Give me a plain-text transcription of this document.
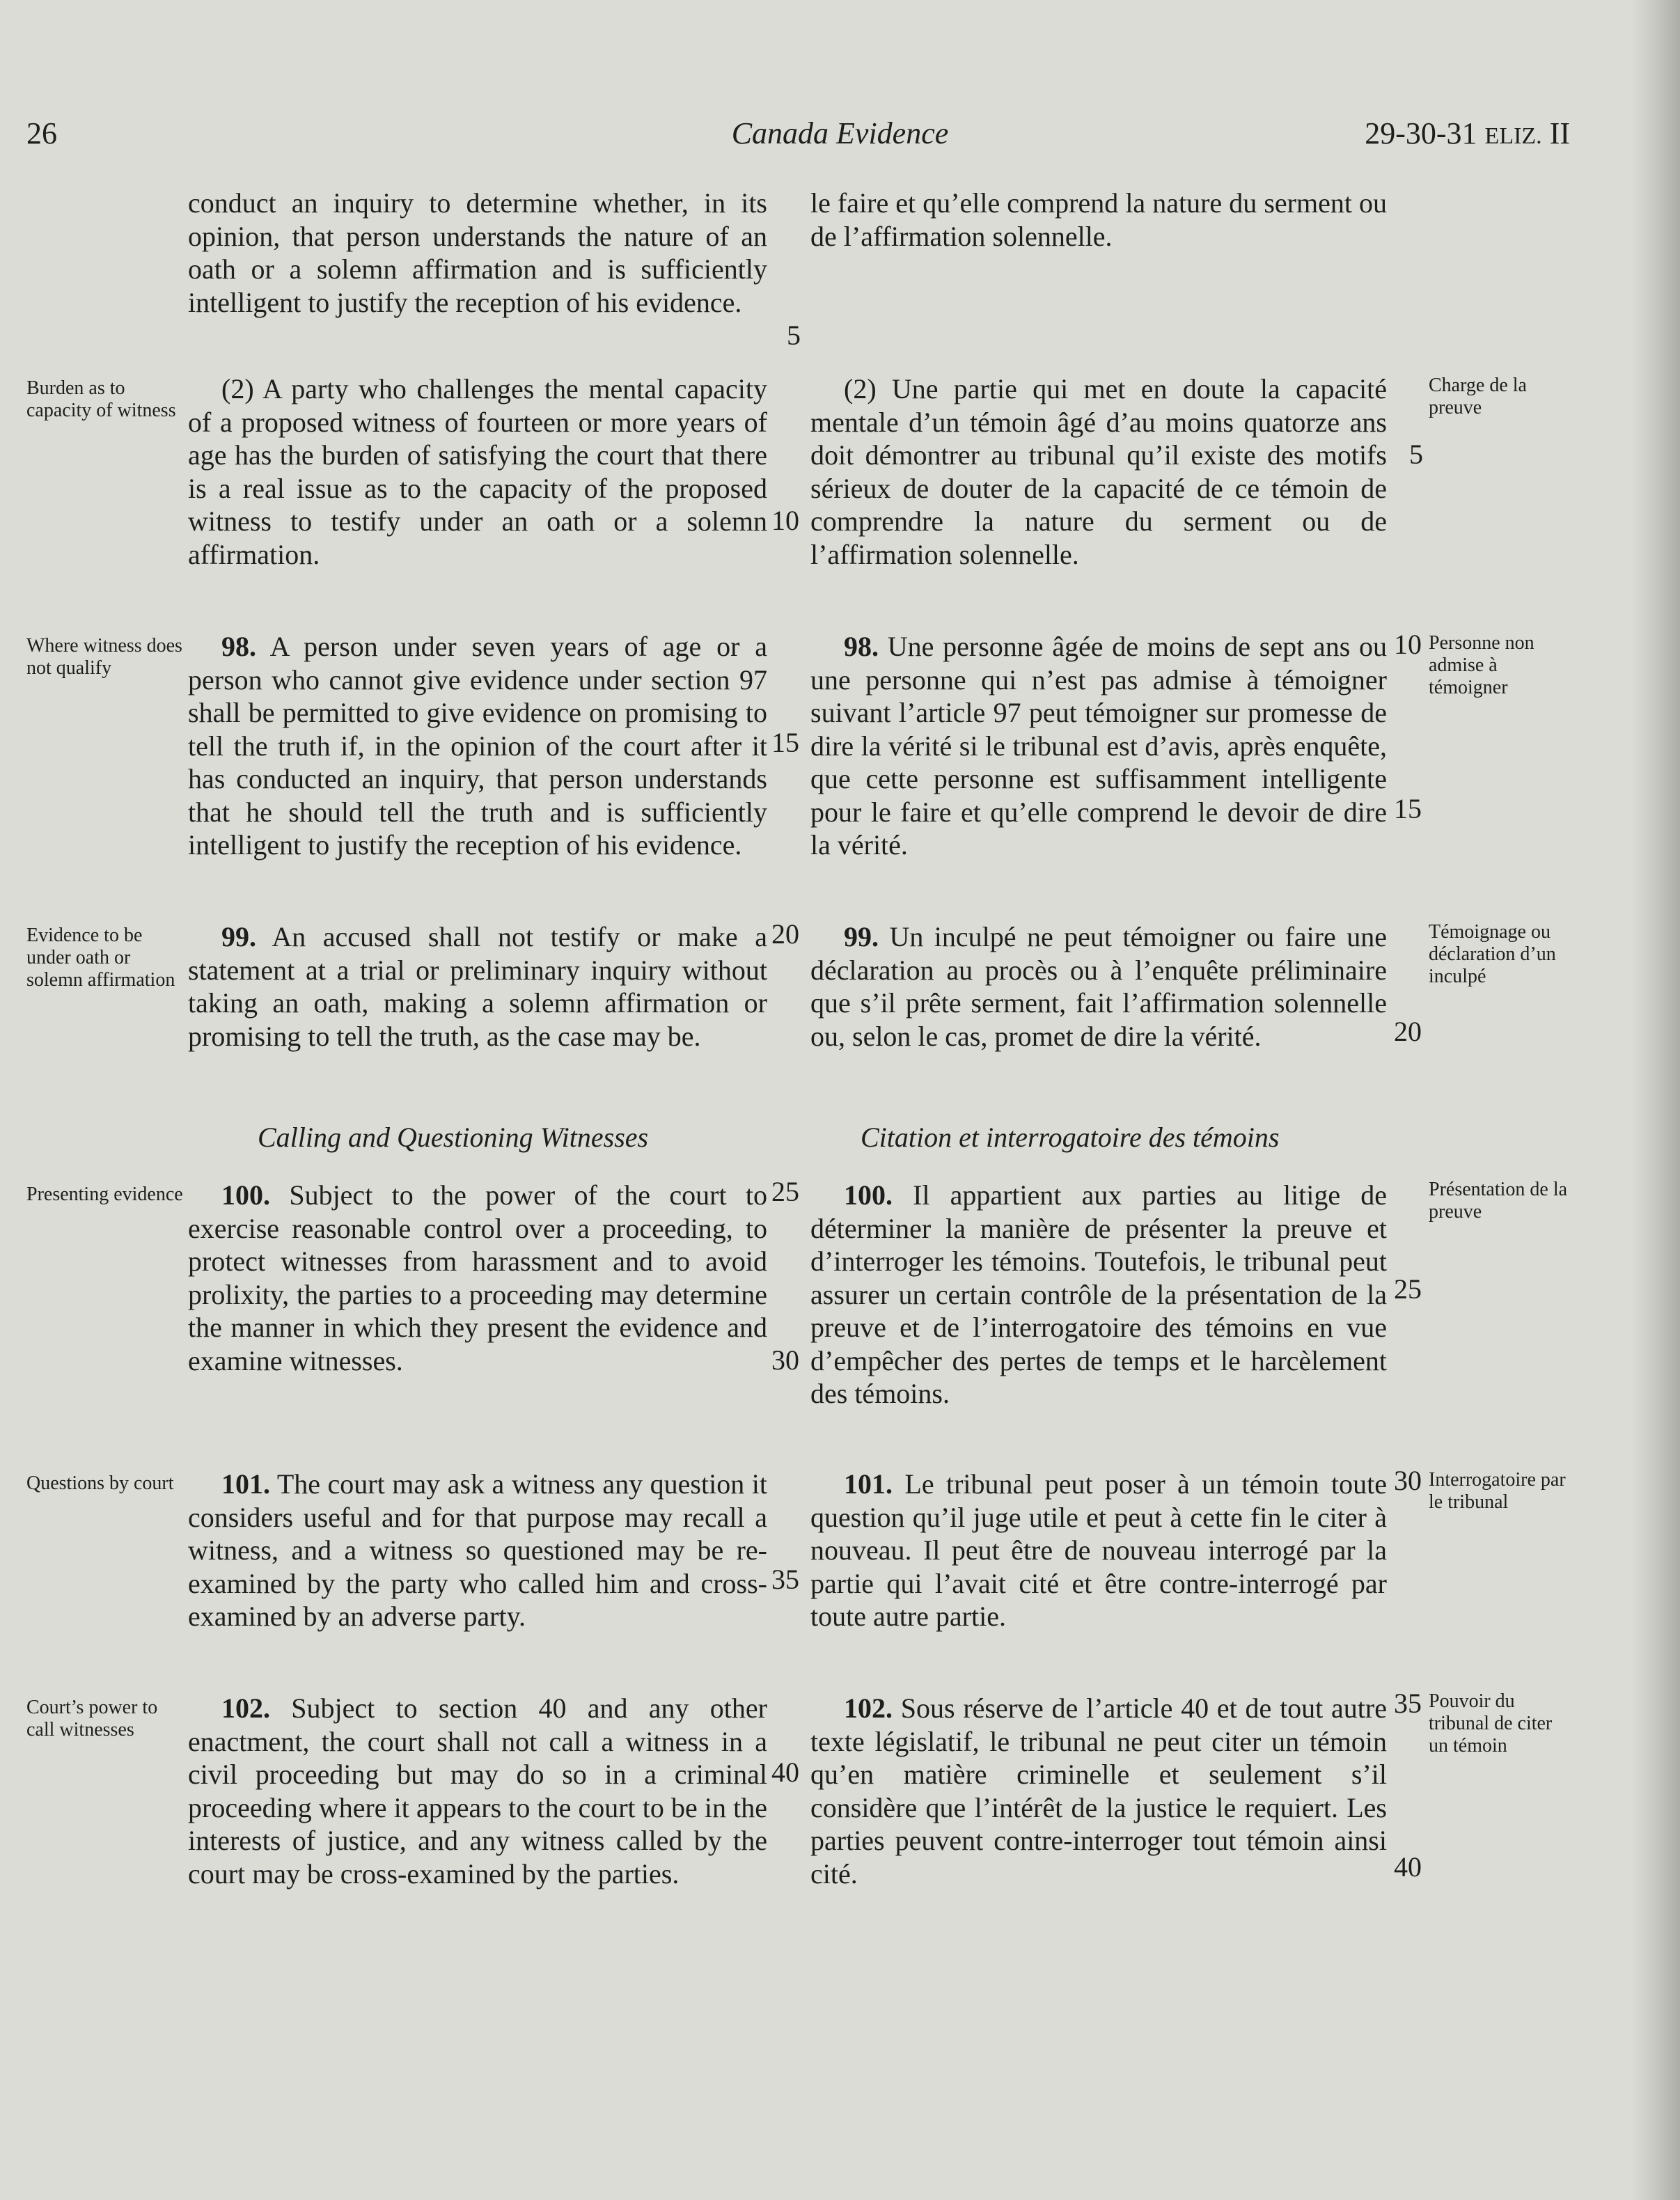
26	Canada Evidence	29-30-31 ELIZ. II
conduct an inquiry to determine whether, in its opinion, that person understands the nature of an oath or a solemn affirmation and is sufficiently intelligent to justify the reception of his evidence.
(2) A party who challenges the mental capacity of a proposed witness of fourteen or more years of age has the burden of satisfying the court that there is a real issue as to the capacity of the proposed witness to testify under an oath or a solemn affirmation.
98. A person under seven years of age or a person who cannot give evidence under section 97 shall be permitted to give evidence on promising to tell the truth if, in the opinion of the court after it has conducted an inquiry, that person understands that he should tell the truth and is sufficiently intelligent to justify the reception of his evidence.
99. An accused shall not testify or make a statement at a trial or preliminary inquiry without taking an oath, making a solemn affirmation or promising to tell the truth, as the case may be.
Calling and Questioning Witnesses
100. Subject to the power of the court to exercise reasonable control over a proceeding, to protect witnesses from harassment and to avoid prolixity, the parties to a proceeding may determine the manner in which they present the evidence and examine witnesses.
101. The court may ask a witness any question it considers useful and for that purpose may recall a witness, and a witness so questioned may be re-examined by the party who called him and cross-examined by an adverse party.
102. Subject to section 40 and any other enactment, the court shall not call a witness in a civil proceeding but may do so in a criminal proceeding where it appears to the court to be in the interests of justice, and any witness called by the court may be cross-examined by the parties.
le faire et qu’elle comprend la nature du serment ou de l’affirmation solennelle.
(2) Une partie qui met en doute la capacité mentale d’un témoin âgé d’au moins quatorze ans doit démontrer au tribunal qu’il existe des motifs sérieux de douter de la capacité de ce témoin de comprendre la nature du serment ou de l’affirmation solennelle.
98. Une personne âgée de moins de sept ans ou une personne qui n’est pas admise à témoigner suivant l’article 97 peut témoigner sur promesse de dire la vérité si le tribunal est d’avis, après enquête, que cette personne est suffisamment intelligente pour le faire et qu’elle comprend le devoir de dire la vérité.
99. Un inculpé ne peut témoigner ou faire une déclaration au procès ou à l’enquête préliminaire que s’il prête serment, fait l’affirmation solennelle ou, selon le cas, promet de dire la vérité.
Citation et interrogatoire des témoins
100. Il appartient aux parties au litige de déterminer la manière de présenter la preuve et d’interroger les témoins. Toutefois, le tribunal peut assurer un certain contrôle de la présentation de la preuve et de l’interrogatoire des témoins en vue d’empêcher des pertes de temps et le harcèlement des témoins.
101. Le tribunal peut poser à un témoin toute question qu’il juge utile et peut à cette fin le citer à nouveau. Il peut être de nouveau interrogé par la partie qui l’avait cité et être contre-interrogé par toute autre partie.
102. Sous réserve de l’article 40 et de tout autre texte législatif, le tribunal ne peut citer un témoin qu’en matière criminelle et seulement s’il considère que l’intérêt de la justice le requiert. Les parties peuvent contre-interroger tout témoin ainsi cité.
Burden as to capacity of witness
Where witness does not qualify
Evidence to be under oath or solemn affirmation
Presenting evidence
Questions by court
Court’s power to call witnesses
Charge de la preuve
Personne non admise à témoigner
Témoignage ou déclaration d’un inculpé
Présentation de la preuve
Interrogatoire par le tribunal
Pouvoir du tribunal de citer un témoin
5
10
15
20
25
30
35
40
5
10
15
20
25
30
35
40
